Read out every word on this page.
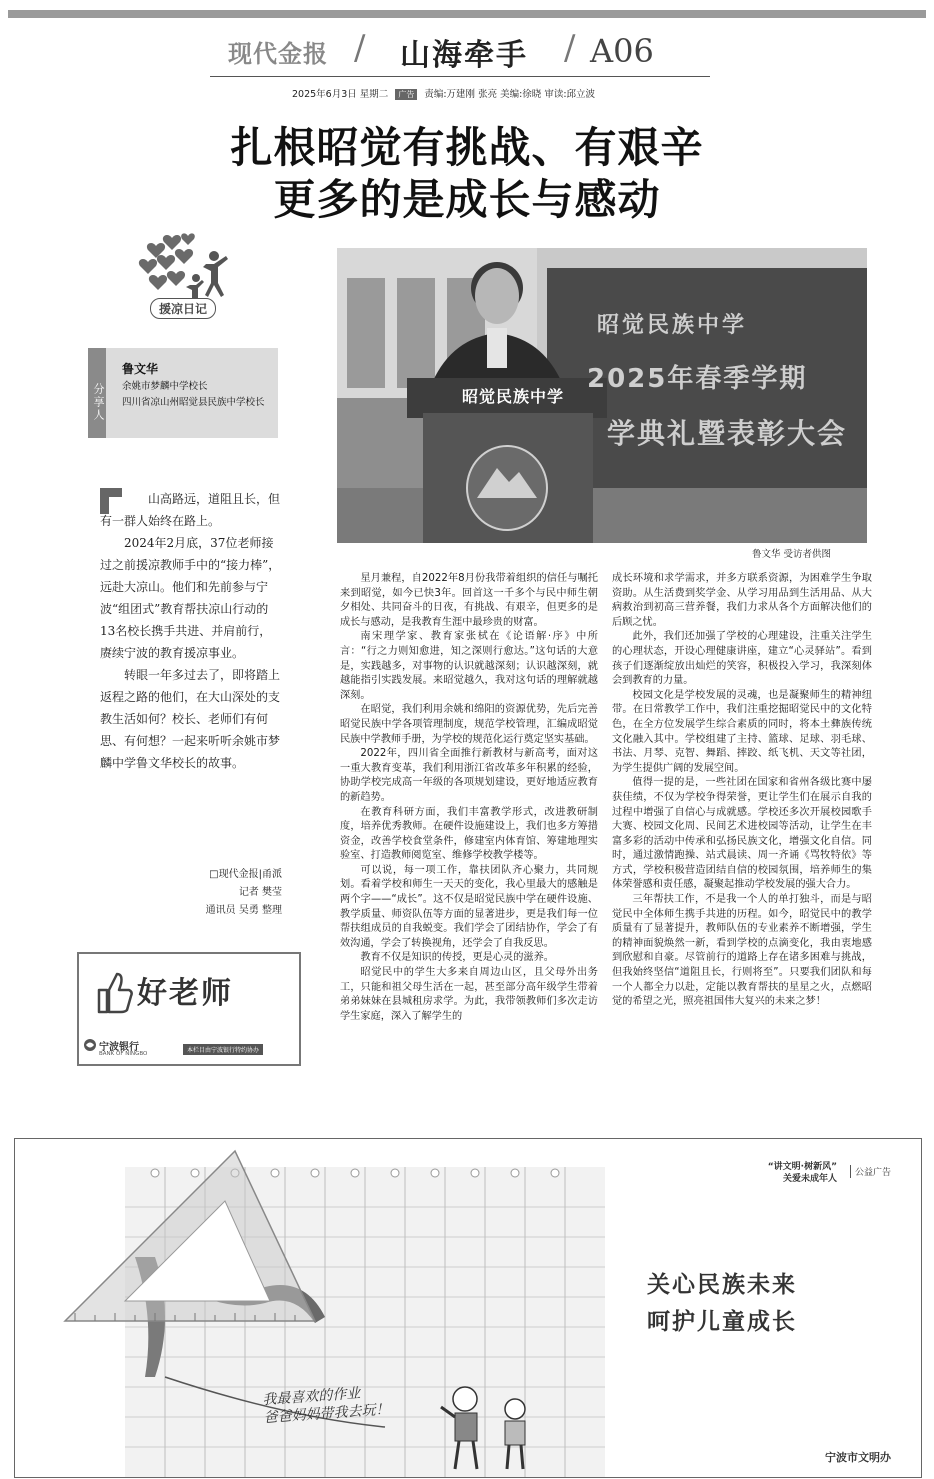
现代金报 / 山海牵手 / A06
2025年6月3日 星期二 广告 责编:万建刚 张亮 美编:徐晓 审读:邱立波
扎根昭觉有挑战、有艰辛
更多的是成长与感动
援凉日记
分享人
鲁文华
余姚市梦麟中学校长
四川省凉山州昭觉县民族中学校长	昭觉民族中学
昭觉民族中学
2025年春季学期
学典礼暨表彰大会
鲁文华 受访者供图

山高路远，道阻且长，但有一群人始终在路上。

2024年2月底，37位老师接过之前援凉教师手中的“接力棒”，远赴大凉山。他们和先前参与宁波“组团式”教育帮扶凉山行动的13名校长携手共进、并肩前行，赓续宁波的教育援凉事业。

转眼一年多过去了，即将踏上返程之路的他们，在大山深处的支教生活如何？校长、老师们有何思、有何想？一起来听听余姚市梦麟中学鲁文华校长的故事。

□现代金报|甬派
记者 樊莹
通讯员 吴勇 整理
好老师
宁波银行
BANK OF NINGBO	本栏目由宁波银行特约协办

星月兼程，自2022年8月份我带着组织的信任与嘱托来到昭觉，如今已快3年。回首这一千多个与民中师生朝夕相处、共同奋斗的日夜，有挑战、有艰辛，但更多的是成长与感动，是我教育生涯中最珍贵的财富。

南宋理学家、教育家张栻在《论语解·序》中所言：“行之力则知愈进，知之深则行愈达。”这句话的大意是，实践越多，对事物的认识就越深刻；认识越深刻，就越能指引实践发展。来昭觉越久，我对这句话的理解就越深刻。

在昭觉，我们利用余姚和绵阳的资源优势，先后完善昭觉民族中学各项管理制度，规范学校管理，汇编成昭觉民族中学教师手册，为学校的规范化运行奠定坚实基础。

2022年，四川省全面推行新教材与新高考，面对这一重大教育变革，我们利用浙江省改革多年积累的经验，协助学校完成高一年级的各项规划建设，更好地适应教育的新趋势。

在教育科研方面，我们丰富教学形式，改进教研制度，培养优秀教师。在硬件设施建设上，我们也多方筹措资金，改善学校食堂条件，修建室内体育馆、筹建地理实验室、打造教师阅览室、维修学校教学楼等。

可以说，每一项工作，靠扶团队齐心聚力，共同规划。看着学校和师生一天天的变化，我心里最大的感触是两个字——“成长”。这不仅是昭觉民族中学在硬件设施、教学质量、师资队伍等方面的显著进步，更是我们每一位帮扶组成员的自我蜕变。我们学会了团结协作，学会了有效沟通，学会了转换视角，还学会了自我反思。

教育不仅是知识的传授，更是心灵的滋养。

昭觉民中的学生大多来自周边山区，且父母外出务工，只能和祖父母生活在一起，甚至部分高年级学生带着弟弟妹妹在县城租房求学。为此，我带领教师们多次走访学生家庭，深入了解学生的

成长环境和求学需求，并多方联系资源，为困难学生争取资助。从生活费到奖学金、从学习用品到生活用品、从大病救治到初高三营养餐，我们力求从各个方面解决他们的后顾之忧。

此外，我们还加强了学校的心理建设，注重关注学生的心理状态，开设心理健康讲座，建立“心灵驿站”。看到孩子们逐渐绽放出灿烂的笑容，积极投入学习，我深刻体会到教育的力量。

校园文化是学校发展的灵魂，也是凝聚师生的精神纽带。在日常教学工作中，我们注重挖掘昭觉民中的文化特色，在全方位发展学生综合素质的同时，将本土彝族传统文化融入其中。学校组建了主持、篮球、足球、羽毛球、书法、月琴、克智、舞蹈、摔跤、纸飞机、天文等社团，为学生提供广阔的发展空间。

值得一提的是，一些社团在国家和省州各级比赛中屡获佳绩，不仅为学校争得荣誉，更让学生们在展示自我的过程中增强了自信心与成就感。学校还多次开展校园歌手大赛、校园文化周、民间艺术进校园等活动，让学生在丰富多彩的活动中传承和弘扬民族文化，增强文化自信。同时，通过激情跑操、站式晨读、周一齐诵《骂牧特依》等方式，学校积极营造团结自信的校园氛围，培养师生的集体荣誉感和责任感，凝聚起推动学校发展的强大合力。

三年帮扶工作，不是我一个人的单打独斗，而是与昭觉民中全体师生携手共进的历程。如今，昭觉民中的教学质量有了显著提升，教师队伍的专业素养不断增强，学生的精神面貌焕然一新，看到学校的点滴变化，我由衷地感到欣慰和自豪。尽管前行的道路上存在诸多困难与挑战，但我始终坚信“道阻且长，行则将至”。只要我们团队和每一个人都全力以赴，定能以教育帮扶的星星之火，点燃昭觉的希望之光，照亮祖国伟大复兴的未来之梦！

我最喜欢的作业
爸爸妈妈带我去玩！
“讲文明·树新风”
关爱未成年人
公益广告
关心民族未来
呵护儿童成长
宁波市文明办
